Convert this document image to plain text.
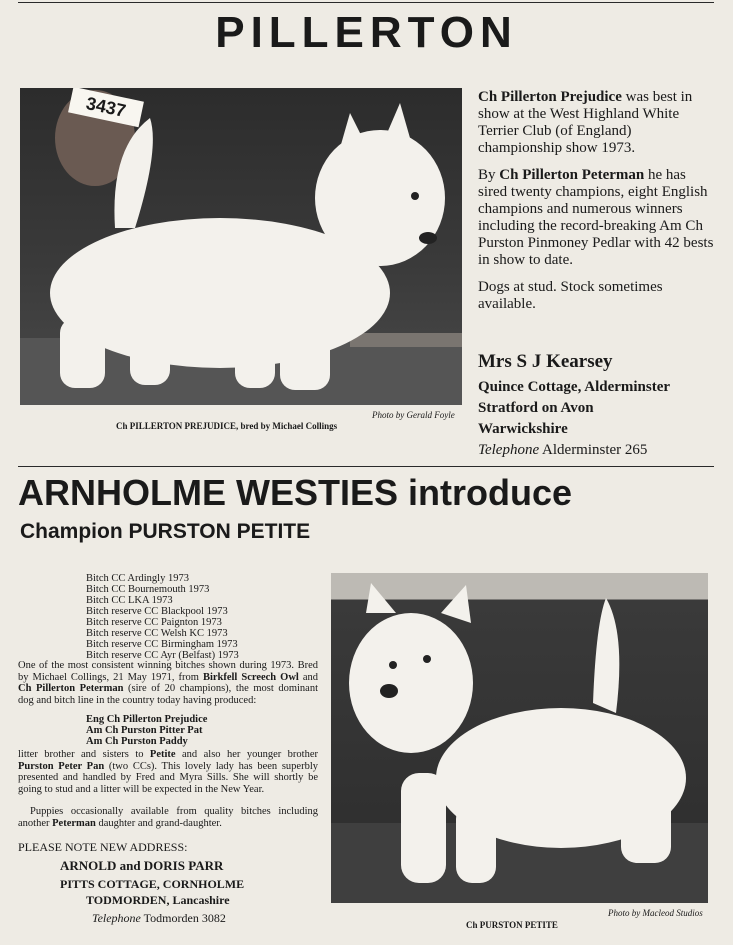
PILLERTON
3437
Photo by Gerald Foyle
Ch PILLERTON PREJUDICE, bred by Michael Collings

Ch Pillerton Prejudice was best in show at the West Highland White Terrier Club (of England) championship show 1973.

By Ch Pillerton Peterman he has sired twenty champions, eight English champions and numerous winners including the record-breaking Am Ch Purston Pinmoney Pedlar with 42 bests in show to date.

Dogs at stud. Stock sometimes available.

Mrs S J Kearsey
Quince Cottage, Alderminster
Stratford on Avon
Warwickshire
Telephone Alderminster 265
ARNHOLME WESTIES introduce
Champion PURSTON PETITE
Bitch CC Ardingly 1973
Bitch CC Bournemouth 1973
Bitch CC LKA 1973
Bitch reserve CC Blackpool 1973
Bitch reserve CC Paignton 1973
Bitch reserve CC Welsh KC 1973
Bitch reserve CC Birmingham 1973
Bitch reserve CC Ayr (Belfast) 1973
One of the most consistent winning bitches shown during 1973. Bred by Michael Collings, 21 May 1971, from Birkfell Screech Owl and Ch Pillerton Peterman (sire of 20 champions), the most dominant dog and bitch line in the country today having produced:
Eng Ch Pillerton Prejudice
Am Ch Purston Pitter Pat
Am Ch Purston Paddy
litter brother and sisters to Petite and also her younger brother Purston Peter Pan (two CCs). This lovely lady has been superbly presented and handled by Fred and Myra Sills. She will shortly be going to stud and a litter will be expected in the New Year.
Puppies occasionally available from quality bitches including another Peterman daughter and grand-daughter.
PLEASE NOTE NEW ADDRESS:
ARNOLD and DORIS PARR
PITTS COTTAGE, CORNHOLME
TODMORDEN, Lancashire
Telephone Todmorden 3082	Photo by Macleod Studios
Ch PURSTON PETITE
